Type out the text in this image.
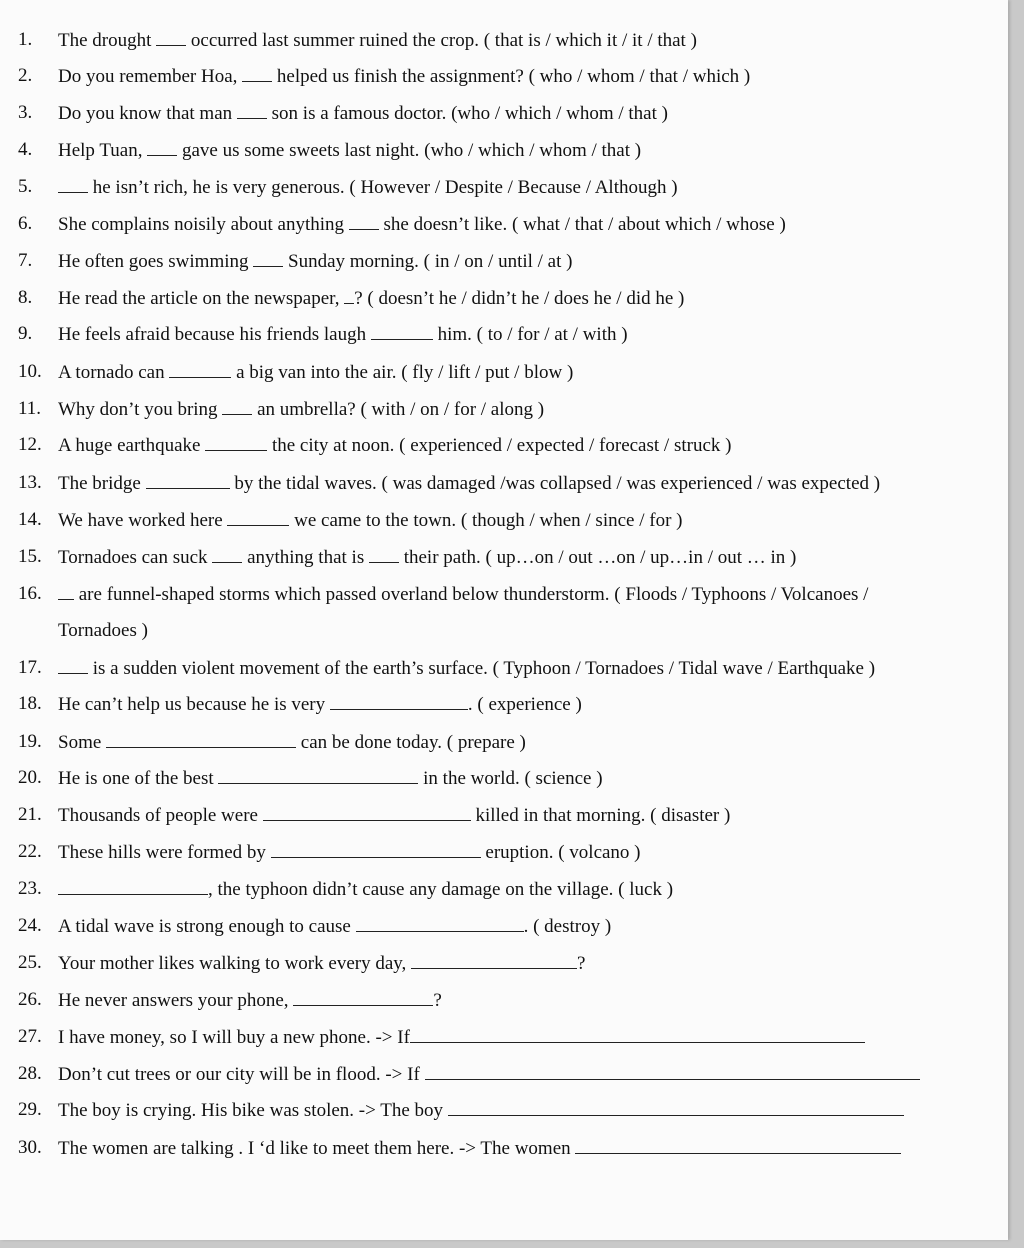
1.	The drought occurred last summer ruined the crop. ( that is / which it / it / that )
2.	Do you remember Hoa, helped us finish the assignment? ( who / whom / that / which )
3.	Do you know that man son is a famous doctor. (who / which / whom / that )
4.	Help Tuan, gave us some sweets last night. (who / which / whom / that )
5.	he isn’t rich, he is very generous. ( However / Despite / Because / Although )
6.	She complains noisily about anything she doesn’t like. ( what / that / about which / whose )
7.	He often goes swimming Sunday morning. ( in / on / until / at )
8.	He read the article on the newspaper, ? ( doesn’t he / didn’t he / does he / did he )
9.	He feels afraid because his friends laugh	him. ( to / for / at / with )
10. A tornado can	a big van into the air. ( fly / lift / put / blow )
11. Why don’t you bring an umbrella? ( with / on / for / along )
12. A huge earthquake	the city at noon. ( experienced / expected / forecast / struck )
13. The bridge	by the tidal waves. ( was damaged /was collapsed / was experienced / was expected )
14. We have worked here	we came to the town. ( though / when / since / for )
15. Tornadoes can suck anything that is their path. ( up…on / out …on / up…in / out … in )
16.	are funnel-shaped storms which passed overland below thunderstorm. ( Floods / Typhoons / Volcanoes /
Tornadoes )
17.	is a sudden violent movement of the earth’s surface. ( Typhoon / Tornadoes / Tidal wave / Earthquake )
18. He can’t help us because he is very	. ( experience )
19. Some	can be done today. ( prepare )
20. He is one of the best	in the world. ( science )
21. Thousands of people were	killed in that morning. ( disaster )
22. These hills were formed by	eruption. ( volcano )
23.	, the typhoon didn’t cause any damage on the village. ( luck )
24. A tidal wave is strong enough to cause	. ( destroy )
25. Your mother likes walking to work every day,	?
26. He never answers your phone,	?
27. I have money, so I will buy a new phone. -> If
28. Don’t cut trees or our city will be in flood. -> If
29. The boy is crying. His bike was stolen. -> The boy
30. The women are talking . I ‘d like to meet them here. -> The women
